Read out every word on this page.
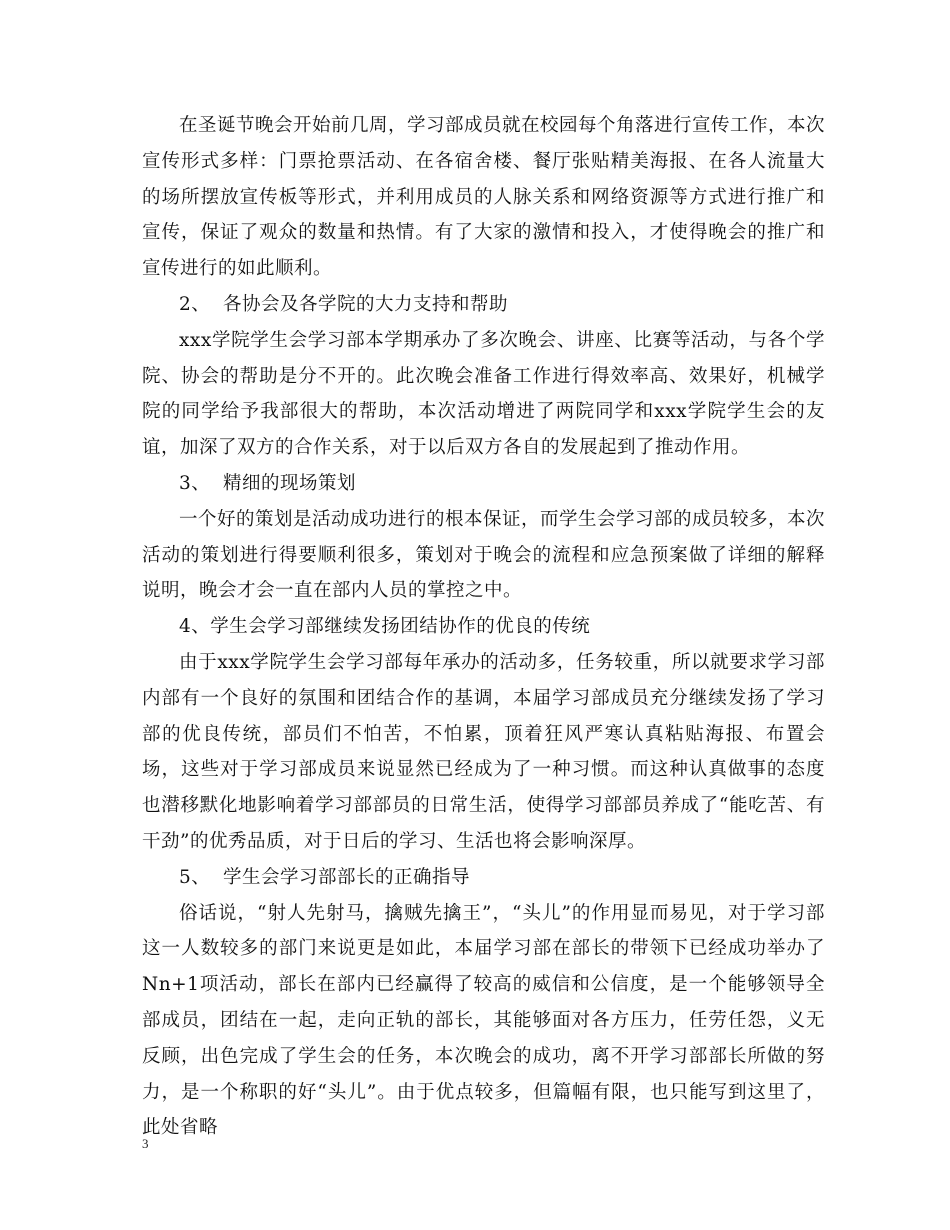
在圣诞节晚会开始前几周，学习部成员就在校园每个角落进行宣传工作，本次宣传形式多样：门票抢票活动、在各宿舍楼、餐厅张贴精美海报、在各人流量大的场所摆放宣传板等形式，并利用成员的人脉关系和网络资源等方式进行推广和宣传，保证了观众的数量和热情。有了大家的激情和投入，才使得晚会的推广和宣传进行的如此顺利。

2、  各协会及各学院的大力支持和帮助

xxx学院学生会学习部本学期承办了多次晚会、讲座、比赛等活动，与各个学院、协会的帮助是分不开的。此次晚会准备工作进行得效率高、效果好，机械学院的同学给予我部很大的帮助，本次活动增进了两院同学和xxx学院学生会的友谊，加深了双方的合作关系，对于以后双方各自的发展起到了推动作用。

3、  精细的现场策划

一个好的策划是活动成功进行的根本保证，而学生会学习部的成员较多，本次活动的策划进行得要顺利很多，策划对于晚会的流程和应急预案做了详细的解释说明，晚会才会一直在部内人员的掌控之中。

4、学生会学习部继续发扬团结协作的优良的传统

由于xxx学院学生会学习部每年承办的活动多，任务较重，所以就要求学习部内部有一个良好的氛围和团结合作的基调，本届学习部成员充分继续发扬了学习部的优良传统，部员们不怕苦，不怕累，顶着狂风严寒认真粘贴海报、布置会场，这些对于学习部成员来说显然已经成为了一种习惯。而这种认真做事的态度也潜移默化地影响着学习部部员的日常生活，使得学习部部员养成了“能吃苦、有干劲”的优秀品质，对于日后的学习、生活也将会影响深厚。

5、  学生会学习部部长的正确指导

俗话说，“射人先射马，擒贼先擒王”，“头儿”的作用显而易见，对于学习部这一人数较多的部门来说更是如此，本届学习部在部长的带领下已经成功举办了Nn+1项活动，部长在部内已经赢得了较高的威信和公信度，是一个能够领导全部成员，团结在一起，走向正轨的部长，其能够面对各方压力，任劳任怨，义无反顾，出色完成了学生会的任务，本次晚会的成功，离不开学习部部长所做的努力，是一个称职的好“头儿”。由于优点较多，但篇幅有限，也只能写到这里了，此处省略

3
